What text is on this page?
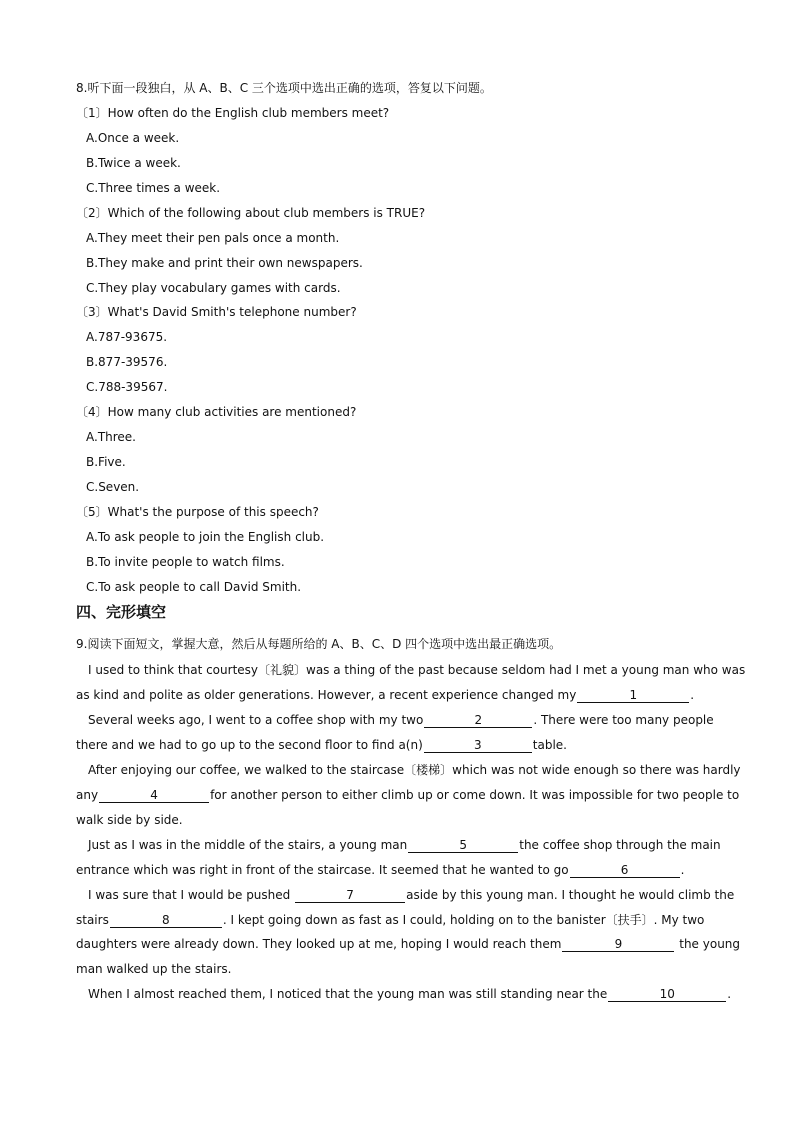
8.听下面一段独白，从 A、B、C 三个选项中选出正确的选项，答复以下问题。
〔1〕How often do the English club members meet?
A.Once a week.
B.Twice a week.
C.Three times a week.
〔2〕Which of the following about club members is TRUE?
A.They meet their pen pals once a month.
B.They make and print their own newspapers.
C.They play vocabulary games with cards.
〔3〕What's David Smith's telephone number?
A.787-93675.
B.877-39576.
C.788-39567.
〔4〕How many club activities are mentioned?
A.Three.
B.Five.
C.Seven.
〔5〕What's the purpose of this speech?
A.To ask people to join the English club.
B.To invite people to watch films.
C.To ask people to call David Smith.
四、完形填空
9.阅读下面短文，掌握大意，然后从每题所给的 A、B、C、D 四个选项中选出最正确选项。
I used to think that courtesy〔礼貌〕was a thing of the past because seldom had I met a young man who was
as kind and polite as older generations. However, a recent experience changed my	1	.
Several weeks ago, I went to a coffee shop with my two	2	. There were too many people
there and we had to go up to the second floor to find a(n)	3	table.
After enjoying our coffee, we walked to the staircase〔楼梯〕which was not wide enough so there was hardly
any	4	for another person to either climb up or come down. It was impossible for two people to
walk side by side.
Just as I was in the middle of the stairs, a young man	5	the coffee shop through the main
entrance which was right in front of the staircase. It seemed that he wanted to go	6	.
I was sure that I would be pushed	7	aside by this young man. I thought he would climb the
stairs	8	. I kept going down as fast as I could, holding on to the banister〔扶手〕. My two
daughters were already down. They looked up at me, hoping I would reach them	9	the young
man walked up the stairs.
When I almost reached them, I noticed that the young man was still standing near the	10	.
